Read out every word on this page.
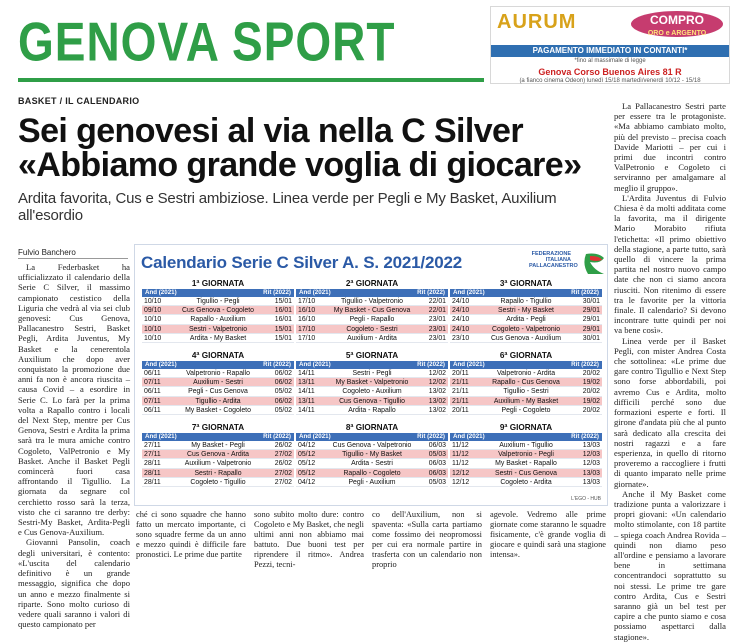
GENOVA SPORT	AURUM	COMPRO
ORO e ARGENTO
PAGAMENTO IMMEDIATO IN CONTANTI*
*fino al massimale di legge
Genova Corso Buenos Aires 81 R
(a fianco cinema Odeon) lunedì 15/18 martedì/venerdì 10/12 - 15/18
BASKET / IL CALENDARIO
Sei genovesi al via nella C Silver
«Abbiamo grande voglia di giocare»
Ardita favorita, Cus e Sestri ambiziose. Linea verde per Pegli e My Basket, Auxilium all'esordio
Fulvio Banchero

La Federbasket ha ufficializzato il calendario della Serie C Silver, il massimo campionato cestistico della Liguria che vedrà al via sei club genovesi: Cus Genova, Pallacanestro Sestri, Basket Pegli, Ardita Juventus, My Basket e la cenerentola Auxilium che dopo aver conquistato la promozione due anni fa non è ancora riuscita – causa Covid – a esordire in Serie C. Lo farà per la prima volta a Rapallo contro i locali del Next Step, mentre per Cus Genova, Sestri e Ardita la prima sarà tra le mura amiche contro Cogoleto, ValPetronio e My Basket. Anche il Basket Pegli comincerà fuori casa affrontando il Tigullio. La giornata da segnare col cerchietto rosso sarà la terza, visto che ci saranno tre derby: Sestri-My Basket, Ardita-Pegli e Cus Genova-Auxilium.

Giovanni Pansolin, coach degli universitari, è contento: «L'uscita del calendario definitivo è un grande messaggio, significa che dopo un anno e mezzo finalmente si riparte. Sono molto curioso di vedere quali saranno i valori di questo campionato per

La Pallacanestro Sestri parte per essere tra le protagoniste. «Ma abbiamo cambiato molto, più del previsto – precisa coach Davide Mariotti – per cui i primi due incontri contro ValPetronio e Cogoleto ci serviranno per amalgamare al meglio il gruppo».

L'Ardita Juventus di Fulvio Chiesa è da molti additata come la favorita, ma il dirigente Mario Morabito rifiuta l'etichetta: «Il primo obiettivo della stagione, a parte tutto, sarà quello di vincere la prima partita nel nostro nuovo campo date che non ci siamo ancora riusciti. Non ritenimo di essere tra le favorite per la vittoria finale. Il calendario? Si devono incontrare tutte quindi per noi va bene così».

Linea verde per il Basket Pegli, con mister Andrea Costa che sottolinea: «Le prime due gare contro Tigullio e Next Step sono forse abbordabili, poi avremo Cus e Ardita, molto difficili perché sono due formazioni esperte e forti. Il girone d'andata più che al punto sarà dedicato alla crescita dei nostri ragazzi e a fare esperienza, in quello di ritorno proveremo a raccogliere i frutti di quanto imparato nelle prime giornate».

Anche il My Basket come tradizione punta a valorizzare i propri giovani: «Un calendario molto stimolante, con 18 partite – spiega coach Andrea Rovida – quindi non diamo peso all'ordine e pensiamo a lavorare bene in settimana concentrandoci soprattutto su noi stessi. Le prime tre gare contro Ardita, Cus e Sestri saranno già un bel test per capire a che punto siamo e cosa possiamo aspettarci dalla stagione».

Calendario Serie C Silver A. S. 2021/2022	FEDERAZIONE ITALIANA PALLACANESTRO
L'EGO - HUB
1ª GIORNATA
And (2021)	Rit (2022)
10/10	Tigullio - Pegli	15/01
09/10	Cus Genova - Cogoleto	16/01
10/10	Rapallo - Auxilium	16/01
10/10	Sestri - Valpetronio	15/01
10/10	Ardita - My Basket	15/01
2ª GIORNATA
And (2021)	Rit (2022)
17/10	Tigullio - Valpetronio	22/01
16/10	My Basket - Cus Genova	22/01
16/10	Pegli - Rapallo	23/01
17/10	Cogoleto - Sestri	23/01
17/10	Auxilium - Ardita	23/01
3ª GIORNATA
And (2021)	Rit (2022)
24/10	Rapallo - Tigullio	30/01
24/10	Sestri - My Basket	29/01
24/10	Ardita - Pegli	29/01
24/10	Cogoleto - Valpetronio	29/01
23/10	Cus Genova - Auxilium	30/01
4ª GIORNATA
And (2021)	Rit (2022)
06/11	Valpetronio - Rapallo	06/02
07/11	Auxilium - Sestri	06/02
06/11	Pegli - Cus Genova	05/02
07/11	Tigullio - Ardita	06/02
06/11	My Basket - Cogoleto	05/02
5ª GIORNATA
And (2021)	Rit (2022)
14/11	Sestri - Pegli	12/02
13/11	My Basket - Valpetronio	12/02
14/11	Cogoleto - Auxilium	13/02
13/11	Cus Genova - Tigullio	13/02
14/11	Ardita - Rapallo	13/02
6ª GIORNATA
And (2021)	Rit (2022)
20/11	Valpetronio - Ardita	20/02
21/11	Rapallo - Cus Genova	19/02
21/11	Tigullio - Sestri	20/02
21/11	Auxilium - My Basket	19/02
20/11	Pegli - Cogoleto	20/02
7ª GIORNATA
And (2021)	Rit (2022)
27/11	My Basket - Pegli	26/02
27/11	Cus Genova - Ardita	27/02
28/11	Auxilium - Valpetronio	26/02
28/11	Sestri - Rapallo	27/02
28/11	Cogoleto - Tigullio	27/02
8ª GIORNATA
And (2021)	Rit (2022)
04/12	Cus Genova - Valpetronio	06/03
05/12	Tigullio - My Basket	05/03
05/12	Ardita - Sestri	06/03
05/12	Rapallo - Cogoleto	06/03
04/12	Pegli - Auxilium	05/03
9ª GIORNATA
And (2021)	Rit (2022)
11/12	Auxilium - Tigullio	13/03
11/12	Valpetronio - Pegli	12/03
11/12	My Basket - Rapallo	12/03
12/12	Sestri - Cus Genova	13/03
12/12	Cogoleto - Ardita	13/03
ché ci sono squadre che hanno fatto un mercato importante, ci sono squadre ferme da un anno e mezzo quindi è difficile fare pronostici. Le prime due partite
sono subito molto dure: contro Cogoleto e My Basket, che negli ultimi anni non abbiamo mai battuto. Due buoni test per riprendere il ritmo». Andrea Pezzi, tecni-
co dell'Auxilium, non si spaventa: «Sulla carta partiamo come fossimo dei neopromossi per cui era normale partire in trasferta con un calendario non proprio
agevole. Vedremo alle prime giornate come staranno le squadre fisicamente, c'è grande voglia di giocare e quindi sarà una stagione intensa».
